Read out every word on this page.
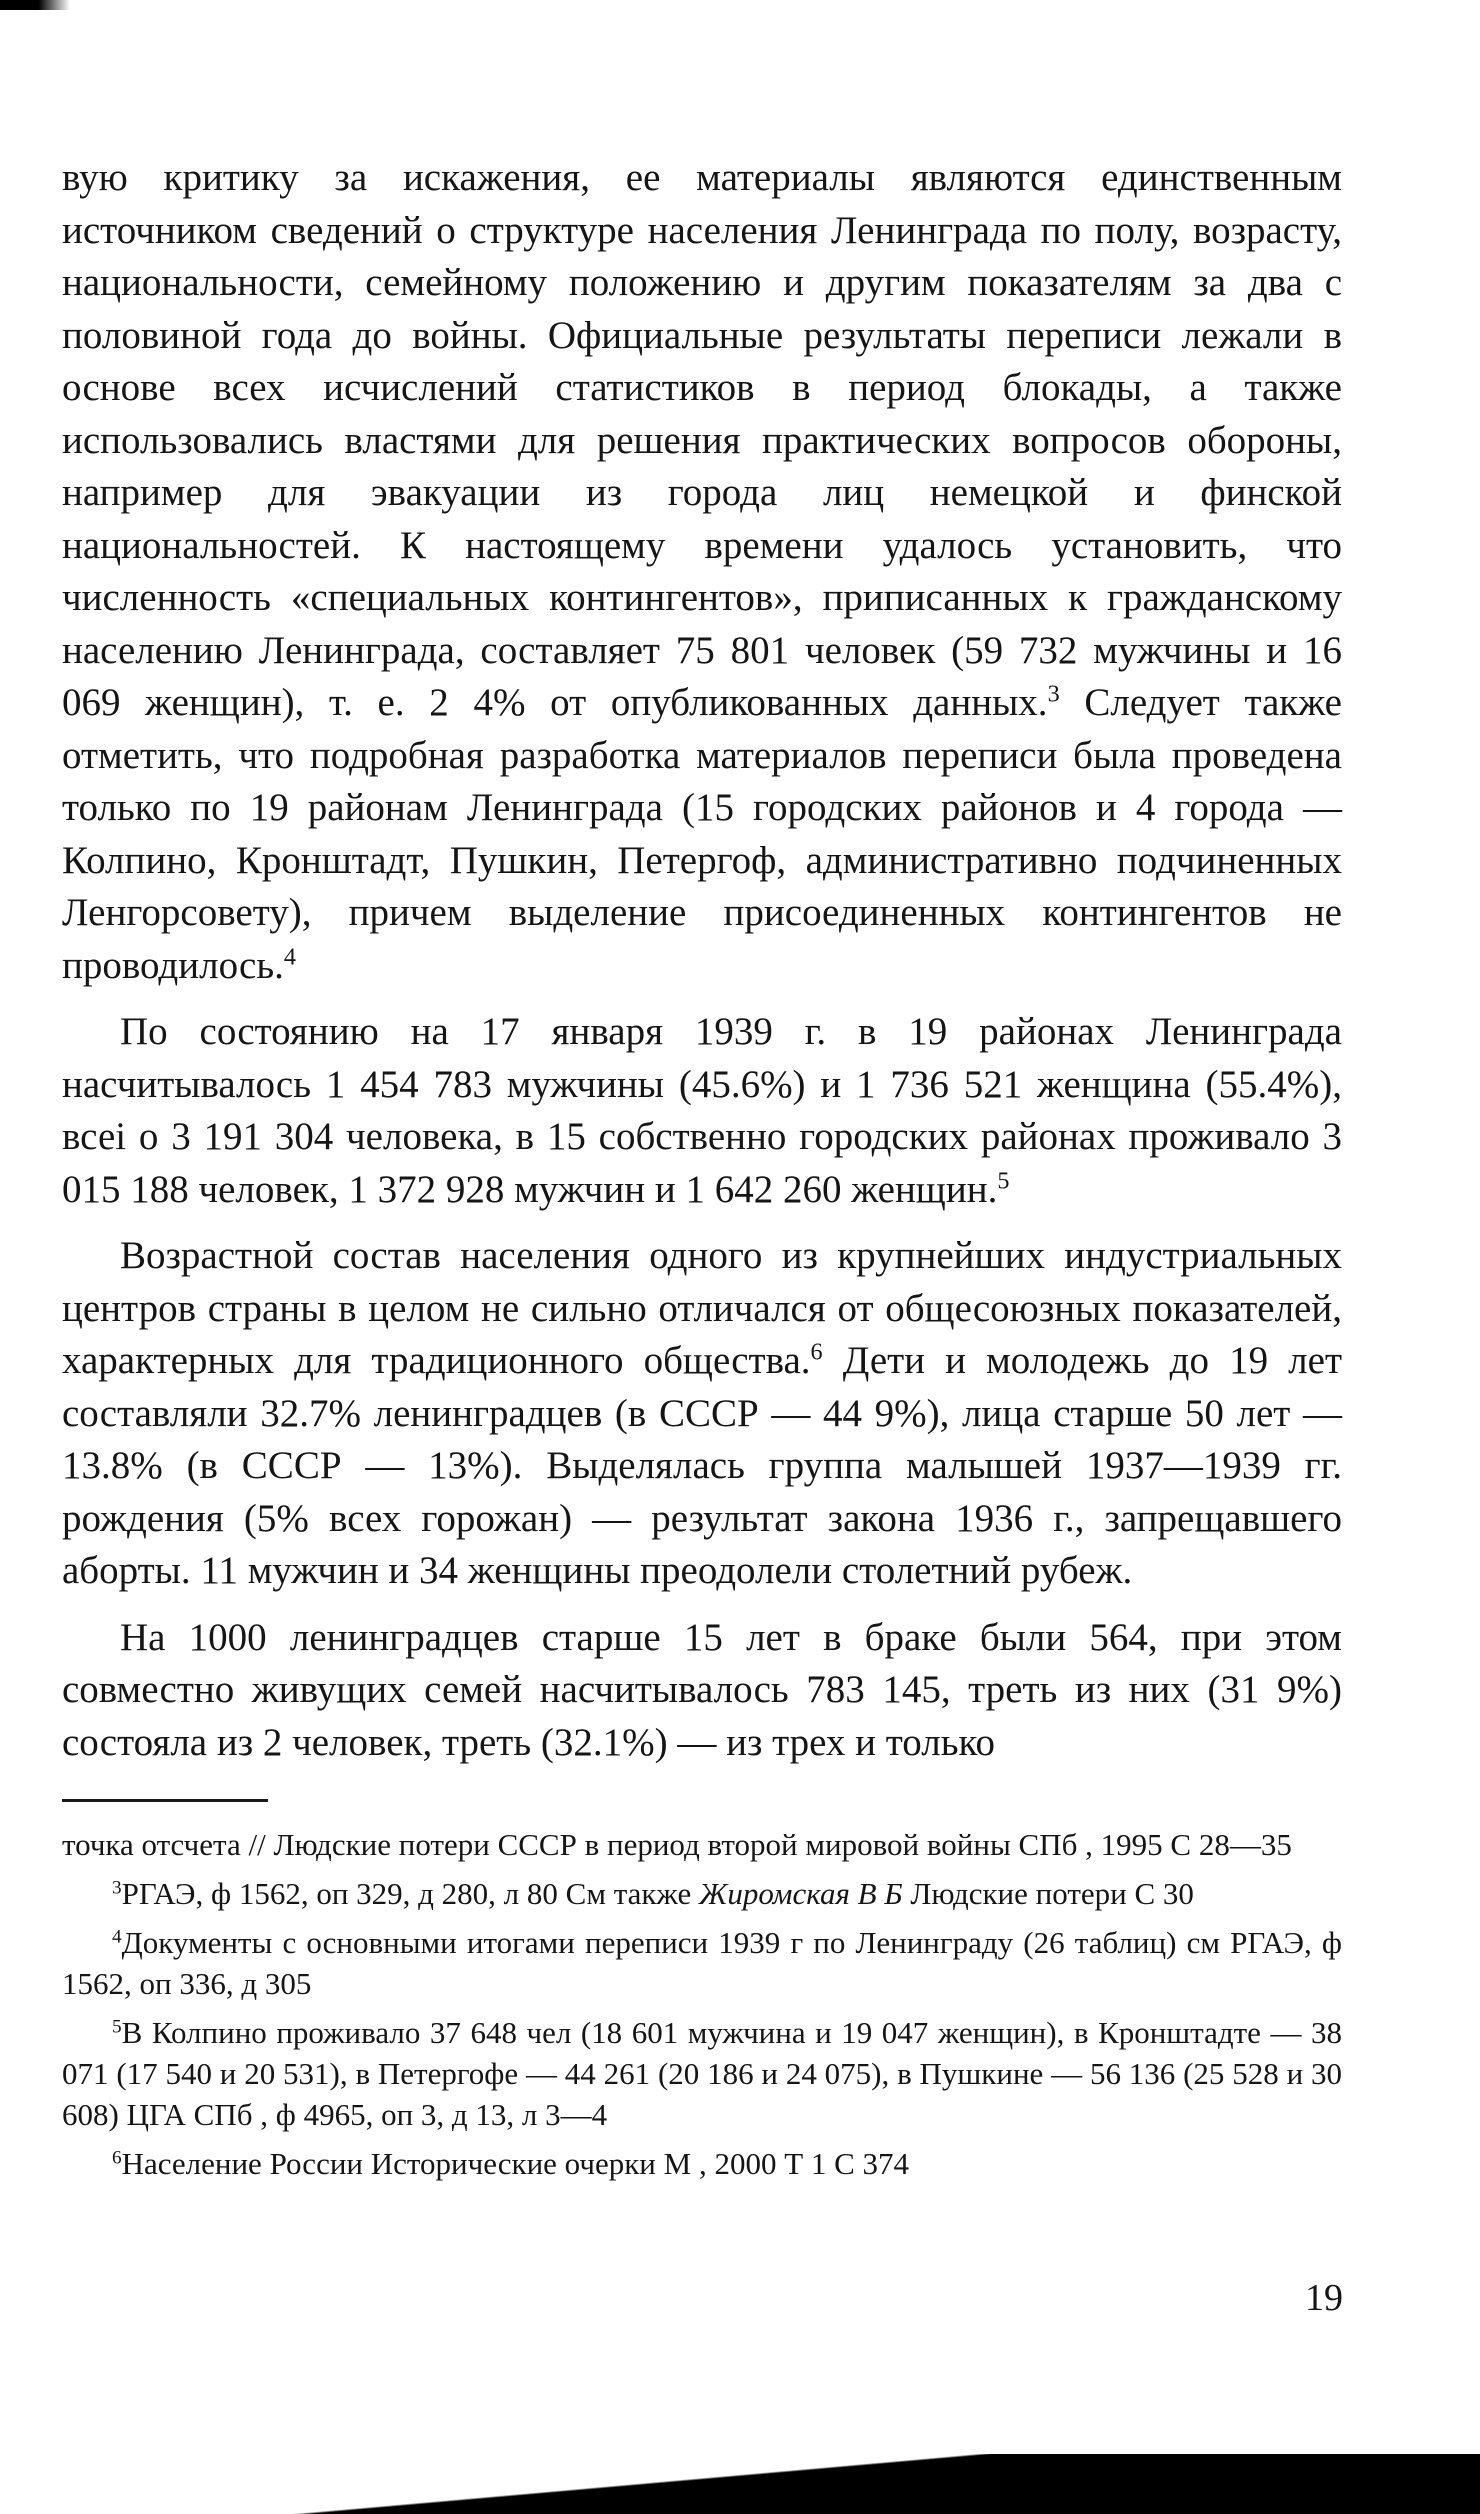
вую критику за искажения, ее материалы являются единственным источником сведений о структуре населения Ленинграда по полу, возрасту, национальности, семейному положению и другим показателям за два с половиной года до войны. Официальные результаты переписи лежали в основе всех исчислений статистиков в период блокады, а также использовались властями для решения практических вопросов обороны, например для эвакуации из города лиц немецкой и финской национальностей. К настоящему времени удалось установить, что численность «специальных контингентов», приписанных к гражданскому населению Ленинграда, составляет 75 801 человек (59 732 мужчины и 16 069 женщин), т. е. 2 4% от опубликованных данных.$^3$ Следует также отметить, что подробная разработка материалов переписи была проведена только по 19 районам Ленинграда (15 городских районов и 4 города — Колпино, Кронштадт, Пушкин, Петергоф, административно подчиненных Ленгорсовету), причем выделение присоединенных контингентов не проводилось.$^4$

По состоянию на 17 января 1939 г. в 19 районах Ленинграда насчитывалось 1 454 783 мужчины (45.6%) и 1 736 521 женщина (55.4%), всеi о 3 191 304 человека, в 15 собственно городских районах проживало 3 015 188 человек, 1 372 928 мужчин и 1 642 260 женщин.$^5$

Возрастной состав населения одного из крупнейших индустриальных центров страны в целом не сильно отличался от общесоюзных показателей, характерных для традиционного общества.$^6$ Дети и молодежь до 19 лет составляли 32.7% ленинградцев (в СССР — 44 9%), лица старше 50 лет — 13.8% (в СССР — 13%). Выделялась группа малышей 1937—1939 гг. рождения (5% всех горожан) — результат закона 1936 г., запрещавшего аборты. 11 мужчин и 34 женщины преодолели столетний рубеж.

На 1000 ленинградцев старше 15 лет в браке были 564, при этом совместно живущих семей насчитывалось 783 145, треть из них (31 9%) состояла из 2 человек, треть (32.1%) — из трех и только

точка отсчета // Людские потери СССР в период второй мировой войны СПб , 1995 С 28—35

$^3$РГАЭ, ф 1562, оп 329, д 280, л 80 См также Жиромская В Б Людские потери С 30

$^4$Документы с основными итогами переписи 1939 г по Ленинграду (26 таблиц) см РГАЭ, ф 1562, оп 336, д 305

$^5$В Колпино проживало 37 648 чел (18 601 мужчина и 19 047 женщин), в Кронштадте — 38 071 (17 540 и 20 531), в Петергофе — 44 261 (20 186 и 24 075), в Пушкине — 56 136 (25 528 и 30 608) ЦГА СПб , ф 4965, оп 3, д 13, л 3—4

$^6$Население России Исторические очерки М , 2000 Т 1 С 374

19
